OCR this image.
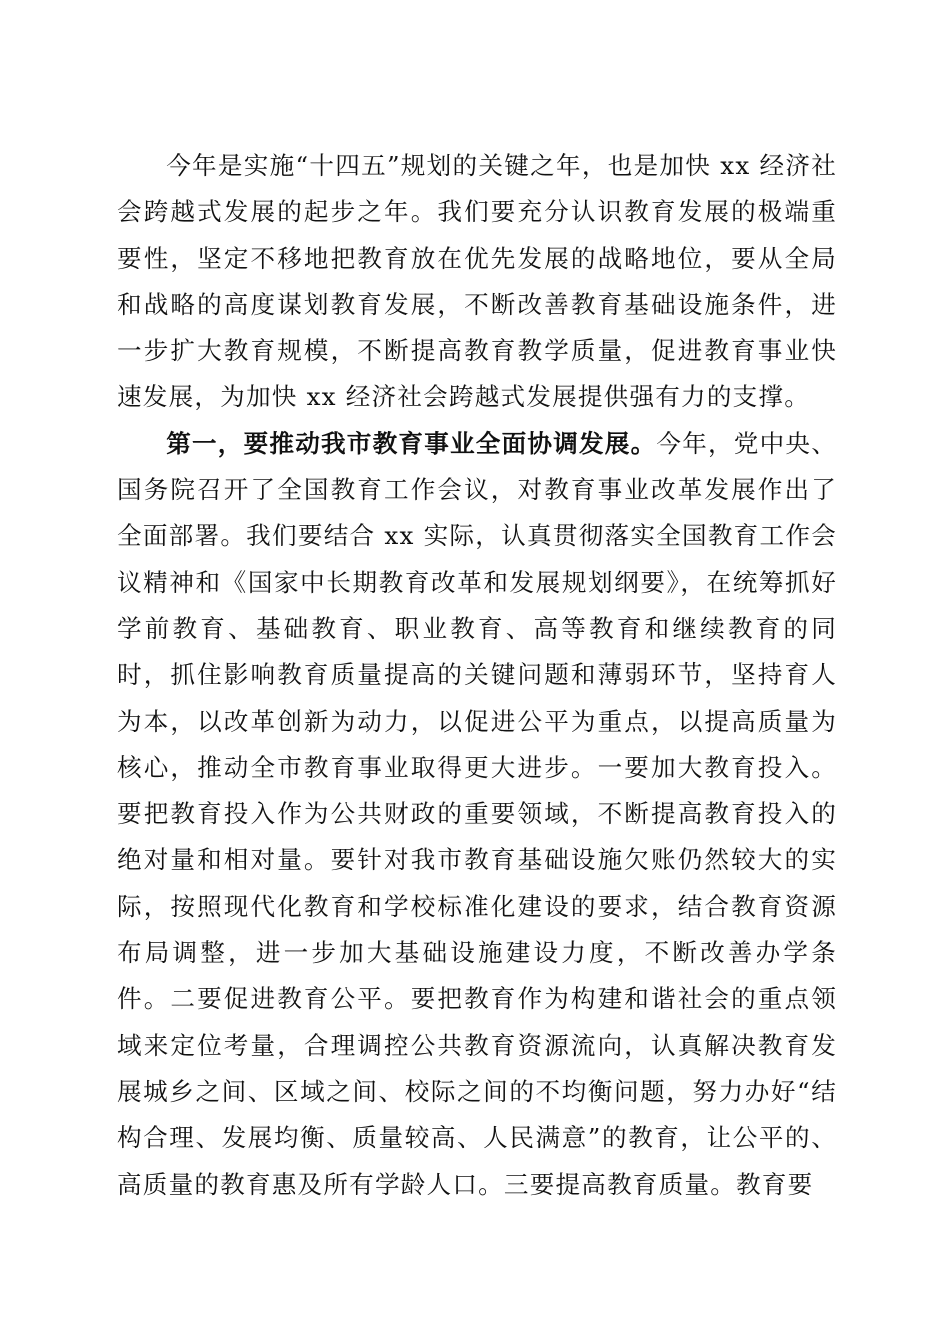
今年是实施“十四五”规划的关键之年，也是加快 xx 经济社会跨越式发展的起步之年。我们要充分认识教育发展的极端重要性，坚定不移地把教育放在优先发展的战略地位，要从全局和战略的高度谋划教育发展，不断改善教育基础设施条件，进一步扩大教育规模，不断提高教育教学质量，促进教育事业快速发展，为加快 xx 经济社会跨越式发展提供强有力的支撑。

第一，要推动我市教育事业全面协调发展。今年，党中央、国务院召开了全国教育工作会议，对教育事业改革发展作出了全面部署。我们要结合 xx 实际，认真贯彻落实全国教育工作会议精神和《国家中长期教育改革和发展规划纲要》，在统筹抓好学前教育、基础教育、职业教育、高等教育和继续教育的同时，抓住影响教育质量提高的关键问题和薄弱环节，坚持育人为本，以改革创新为动力，以促进公平为重点，以提高质量为核心，推动全市教育事业取得更大进步。一要加大教育投入。要把教育投入作为公共财政的重要领域，不断提高教育投入的绝对量和相对量。要针对我市教育基础设施欠账仍然较大的实际，按照现代化教育和学校标准化建设的要求，结合教育资源布局调整，进一步加大基础设施建设力度，不断改善办学条件。二要促进教育公平。要把教育作为构建和谐社会的重点领域来定位考量，合理调控公共教育资源流向，认真解决教育发展城乡之间、区域之间、校际之间的不均衡问题，努力办好“结构合理、发展均衡、质量较高、人民满意”的教育，让公平的、高质量的教育惠及所有学龄人口。三要提高教育质量。教育要
